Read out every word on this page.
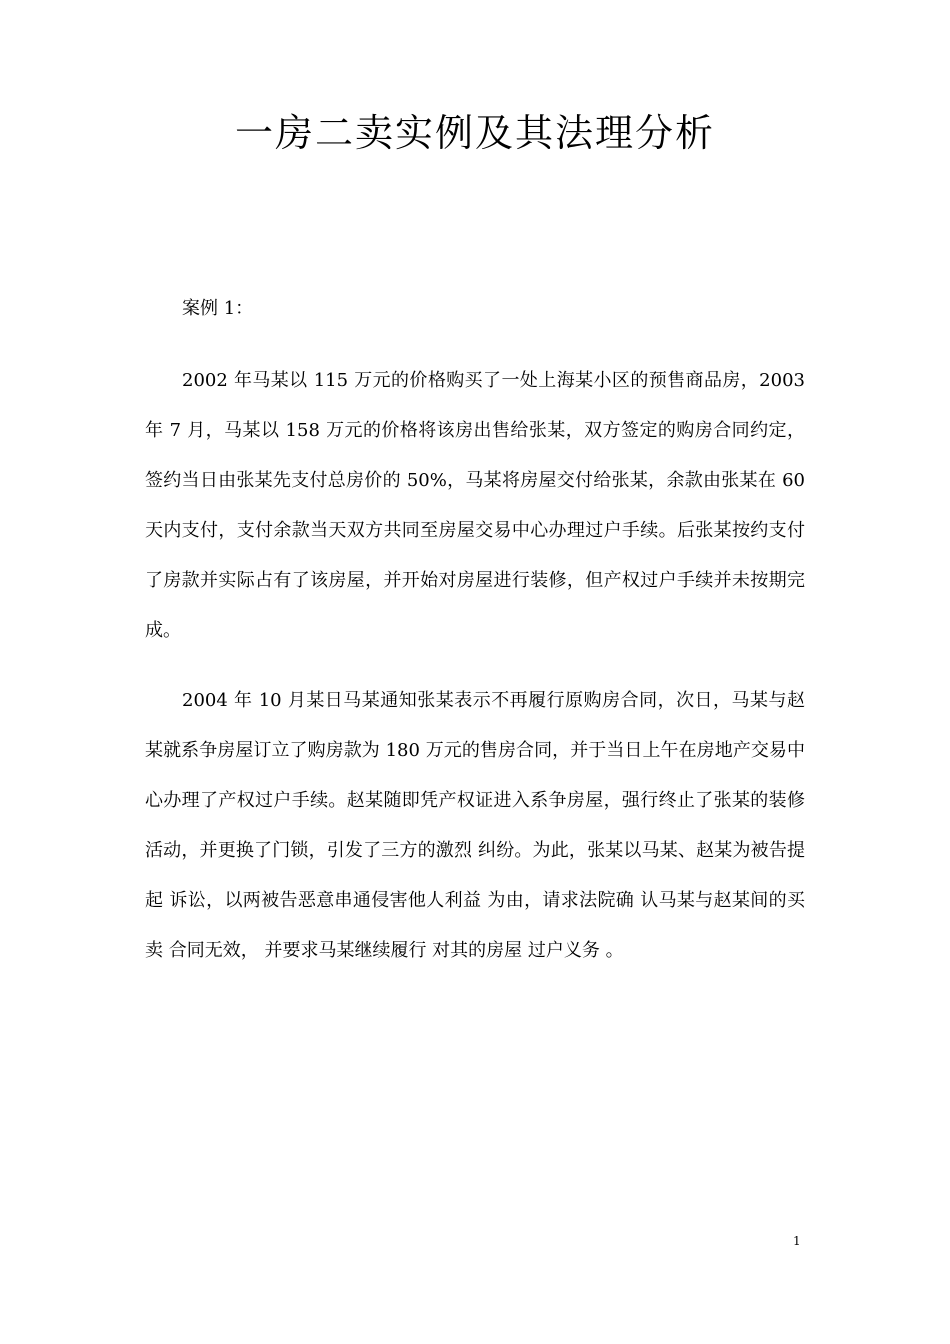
一房二卖实例及其法理分析
案例 1：

2002 年马某以 115 万元的价格购买了一处上海某小区的预售商品房，2003 年 7 月，马某以 158 万元的价格将该房出售给张某，双方签定的购房合同约定，签约当日由张某先支付总房价的 50%，马某将房屋交付给张某，余款由张某在 60 天内支付，支付余款当天双方共同至房屋交易中心办理过户手续。后张某按约支付了房款并实际占有了该房屋，并开始对房屋进行装修，但产权过户手续并未按期完成。

2004 年 10 月某日马某通知张某表示不再履行原购房合同，次日，马某与赵某就系争房屋订立了购房款为 180 万元的售房合同，并于当日上午在房地产交易中心办理了产权过户手续。赵某随即凭产权证进入系争房屋，强行终止了张某的装修活动，并更换了门锁，引发了三方的激烈 纠纷。为此，张某以马某、赵某为被告提起 诉讼，以两被告恶意串通侵害他人利益 为由，请求法院确 认马某与赵某间的买卖 合同无效， 并要求马某继续履行 对其的房屋 过户义务 。

1
